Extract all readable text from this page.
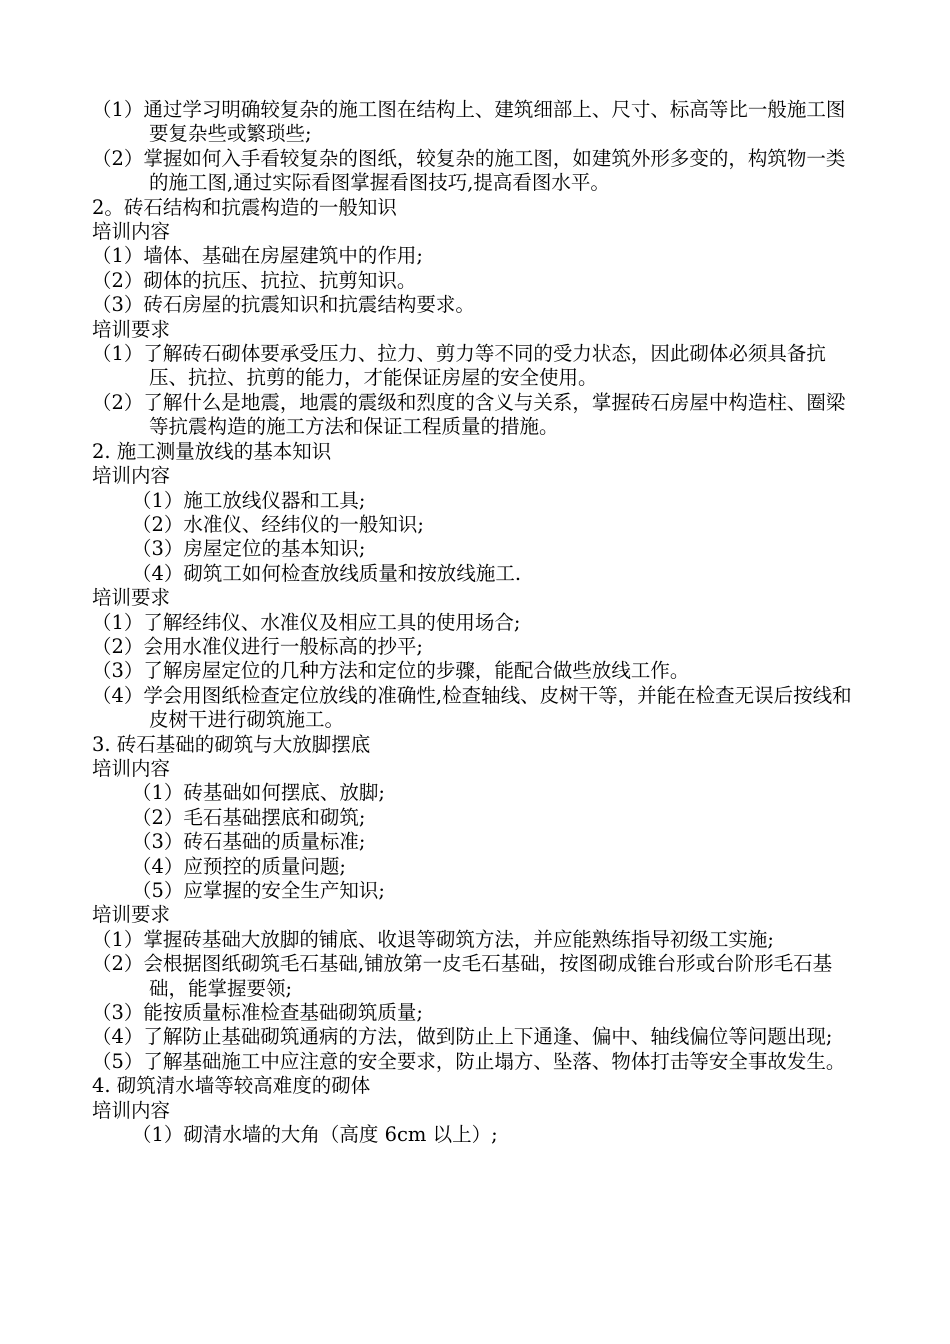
（1）通过学习明确较复杂的施工图在结构上、建筑细部上、尺寸、标高等比一般施工图要复杂些或繁琐些;
（2）掌握如何入手看较复杂的图纸，较复杂的施工图，如建筑外形多变的，构筑物一类的施工图,通过实际看图掌握看图技巧,提高看图水平。
2。砖石结构和抗震构造的一般知识
培训内容
（1）墙体、基础在房屋建筑中的作用;
（2）砌体的抗压、抗拉、抗剪知识。
（3）砖石房屋的抗震知识和抗震结构要求。
培训要求
（1）了解砖石砌体要承受压力、拉力、剪力等不同的受力状态，因此砌体必须具备抗压、抗拉、抗剪的能力，才能保证房屋的安全使用。
（2）了解什么是地震，地震的震级和烈度的含义与关系，掌握砖石房屋中构造柱、圈梁等抗震构造的施工方法和保证工程质量的措施。
2. 施工测量放线的基本知识
培训内容
（1）施工放线仪器和工具;
（2）水准仪、经纬仪的一般知识;
（3）房屋定位的基本知识;
（4）砌筑工如何检查放线质量和按放线施工.
培训要求
（1）了解经纬仪、水准仪及相应工具的使用场合;
（2）会用水准仪进行一般标高的抄平;
（3）了解房屋定位的几种方法和定位的步骤，能配合做些放线工作。
（4）学会用图纸检查定位放线的准确性,检查轴线、皮树干等，并能在检查无误后按线和皮树干进行砌筑施工。
3. 砖石基础的砌筑与大放脚摆底
培训内容
（1）砖基础如何摆底、放脚;
（2）毛石基础摆底和砌筑;
（3）砖石基础的质量标准;
（4）应预控的质量问题;
（5）应掌握的安全生产知识;
培训要求
（1）掌握砖基础大放脚的铺底、收退等砌筑方法，并应能熟练指导初级工实施;
（2）会根据图纸砌筑毛石基础,铺放第一皮毛石基础，按图砌成锥台形或台阶形毛石基础，能掌握要领;
（3）能按质量标准检查基础砌筑质量;
（4）了解防止基础砌筑通病的方法，做到防止上下通逢、偏中、轴线偏位等问题出现;
（5）了解基础施工中应注意的安全要求，防止塌方、坠落、物体打击等安全事故发生。
4. 砌筑清水墙等较高难度的砌体
培训内容
（1）砌清水墙的大角（高度 6cm 以上）;
